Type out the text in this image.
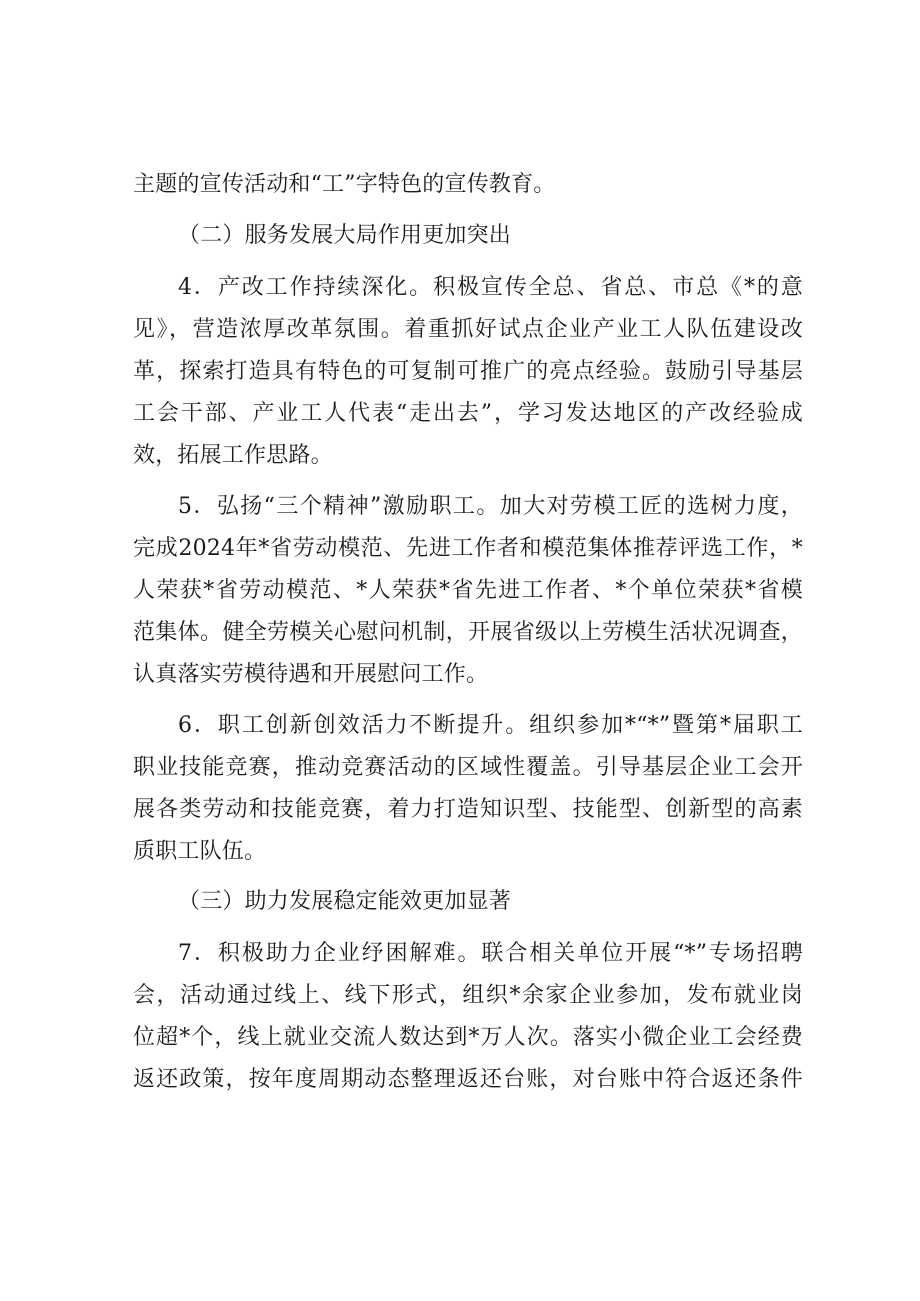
主题的宣传活动和“工”字特色的宣传教育。
（二）服务发展大局作用更加突出
4．产改工作持续深化。积极宣传全总、省总、市总《*的意
见》，营造浓厚改革氛围。着重抓好试点企业产业工人队伍建设改
革，探索打造具有特色的可复制可推广的亮点经验。鼓励引导基层
工会干部、产业工人代表“走出去”，学习发达地区的产改经验成
效，拓展工作思路。
5．弘扬“三个精神”激励职工。加大对劳模工匠的选树力度，
完成2024年*省劳动模范、先进工作者和模范集体推荐评选工作，*
人荣获*省劳动模范、*人荣获*省先进工作者、*个单位荣获*省模
范集体。健全劳模关心慰问机制，开展省级以上劳模生活状况调查，
认真落实劳模待遇和开展慰问工作。
6．职工创新创效活力不断提升。组织参加*“*”暨第*届职工
职业技能竞赛，推动竞赛活动的区域性覆盖。引导基层企业工会开
展各类劳动和技能竞赛，着力打造知识型、技能型、创新型的高素
质职工队伍。
（三）助力发展稳定能效更加显著
7．积极助力企业纾困解难。联合相关单位开展“*”专场招聘
会，活动通过线上、线下形式，组织*余家企业参加，发布就业岗
位超*个，线上就业交流人数达到*万人次。落实小微企业工会经费
返还政策，按年度周期动态整理返还台账，对台账中符合返还条件
